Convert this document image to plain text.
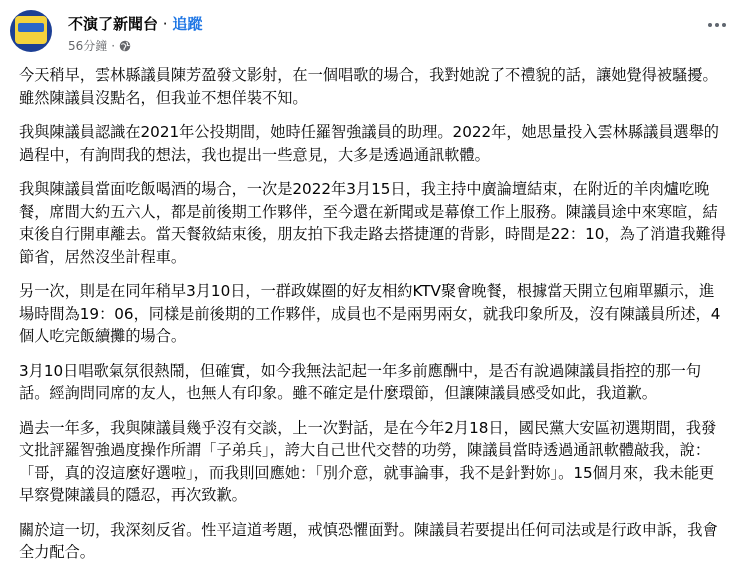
不演了新聞台 · 追蹤
56分鐘 ·

今天稍早，雲林縣議員陳芳盈發文影射，在一個唱歌的場合，我對她說了不禮貌的話，讓她覺得被騷擾。雖然陳議員沒點名，但我並不想佯裝不知。

我與陳議員認識在2021年公投期間，她時任羅智強議員的助理。2022年，她思量投入雲林縣議員選舉的過程中，有詢問我的想法，我也提出一些意見，大多是透過通訊軟體。

我與陳議員當面吃飯喝酒的場合，一次是2022年3月15日，我主持中廣論壇結束，在附近的羊肉爐吃晚餐，席間大約五六人，都是前後期工作夥伴，至今還在新聞或是幕僚工作上服務。陳議員途中來寒暄，結束後自行開車離去。當天餐敘結束後，朋友拍下我走路去搭捷運的背影，時間是22：10，為了消遣我難得節省，居然沒坐計程車。

另一次，則是在同年稍早3月10日，一群政媒圈的好友相約KTV聚會晚餐，根據當天開立包廂單顯示，進場時間為19：06，同樣是前後期的工作夥伴，成員也不是兩男兩女，就我印象所及，沒有陳議員所述，4個人吃完飯續攤的場合。

3月10日唱歌氣氛很熱鬧，但確實，如今我無法記起一年多前應酬中，是否有說過陳議員指控的那一句話。經詢問同席的友人，也無人有印象。雖不確定是什麼環節，但讓陳議員感受如此，我道歉。

過去一年多，我與陳議員幾乎沒有交談，上一次對話，是在今年2月18日，國民黨大安區初選期間，我發文批評羅智強過度操作所謂「子弟兵」，誇大自己世代交替的功勞，陳議員當時透過通訊軟體敲我，說：「哥，真的沒這麼好選啦」，而我則回應她：「別介意，就事論事，我不是針對妳」。15個月來，我未能更早察覺陳議員的隱忍，再次致歉。

關於這一切，我深刻反省。性平這道考題，戒慎恐懼面對。陳議員若要提出任何司法或是行政申訴，我會全力配合。
